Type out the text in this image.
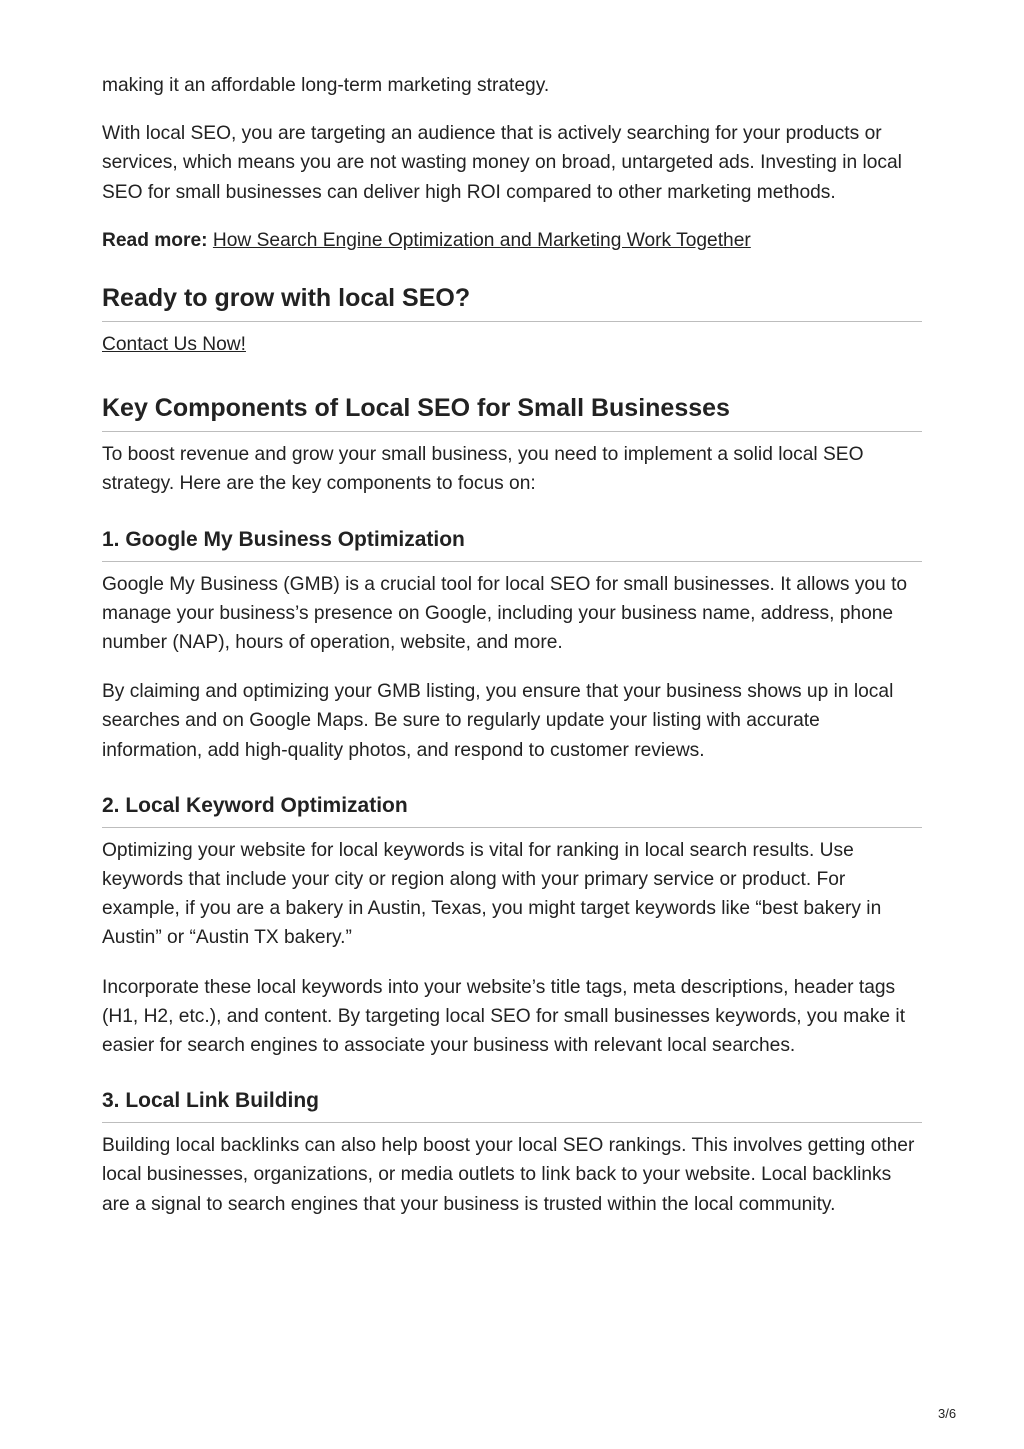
making it an affordable long-term marketing strategy.

With local SEO, you are targeting an audience that is actively searching for your products or services, which means you are not wasting money on broad, untargeted ads. Investing in local SEO for small businesses can deliver high ROI compared to other marketing methods.

Read more: How Search Engine Optimization and Marketing Work Together

Ready to grow with local SEO?

Contact Us Now!

Key Components of Local SEO for Small Businesses

To boost revenue and grow your small business, you need to implement a solid local SEO strategy. Here are the key components to focus on:

1. Google My Business Optimization

Google My Business (GMB) is a crucial tool for local SEO for small businesses. It allows you to manage your business’s presence on Google, including your business name, address, phone number (NAP), hours of operation, website, and more.

By claiming and optimizing your GMB listing, you ensure that your business shows up in local searches and on Google Maps. Be sure to regularly update your listing with accurate information, add high-quality photos, and respond to customer reviews.

2. Local Keyword Optimization

Optimizing your website for local keywords is vital for ranking in local search results. Use keywords that include your city or region along with your primary service or product. For example, if you are a bakery in Austin, Texas, you might target keywords like “best bakery in Austin” or “Austin TX bakery.”

Incorporate these local keywords into your website’s title tags, meta descriptions, header tags (H1, H2, etc.), and content. By targeting local SEO for small businesses keywords, you make it easier for search engines to associate your business with relevant local searches.

3. Local Link Building

Building local backlinks can also help boost your local SEO rankings. This involves getting other local businesses, organizations, or media outlets to link back to your website. Local backlinks are a signal to search engines that your business is trusted within the local community.

3/6
